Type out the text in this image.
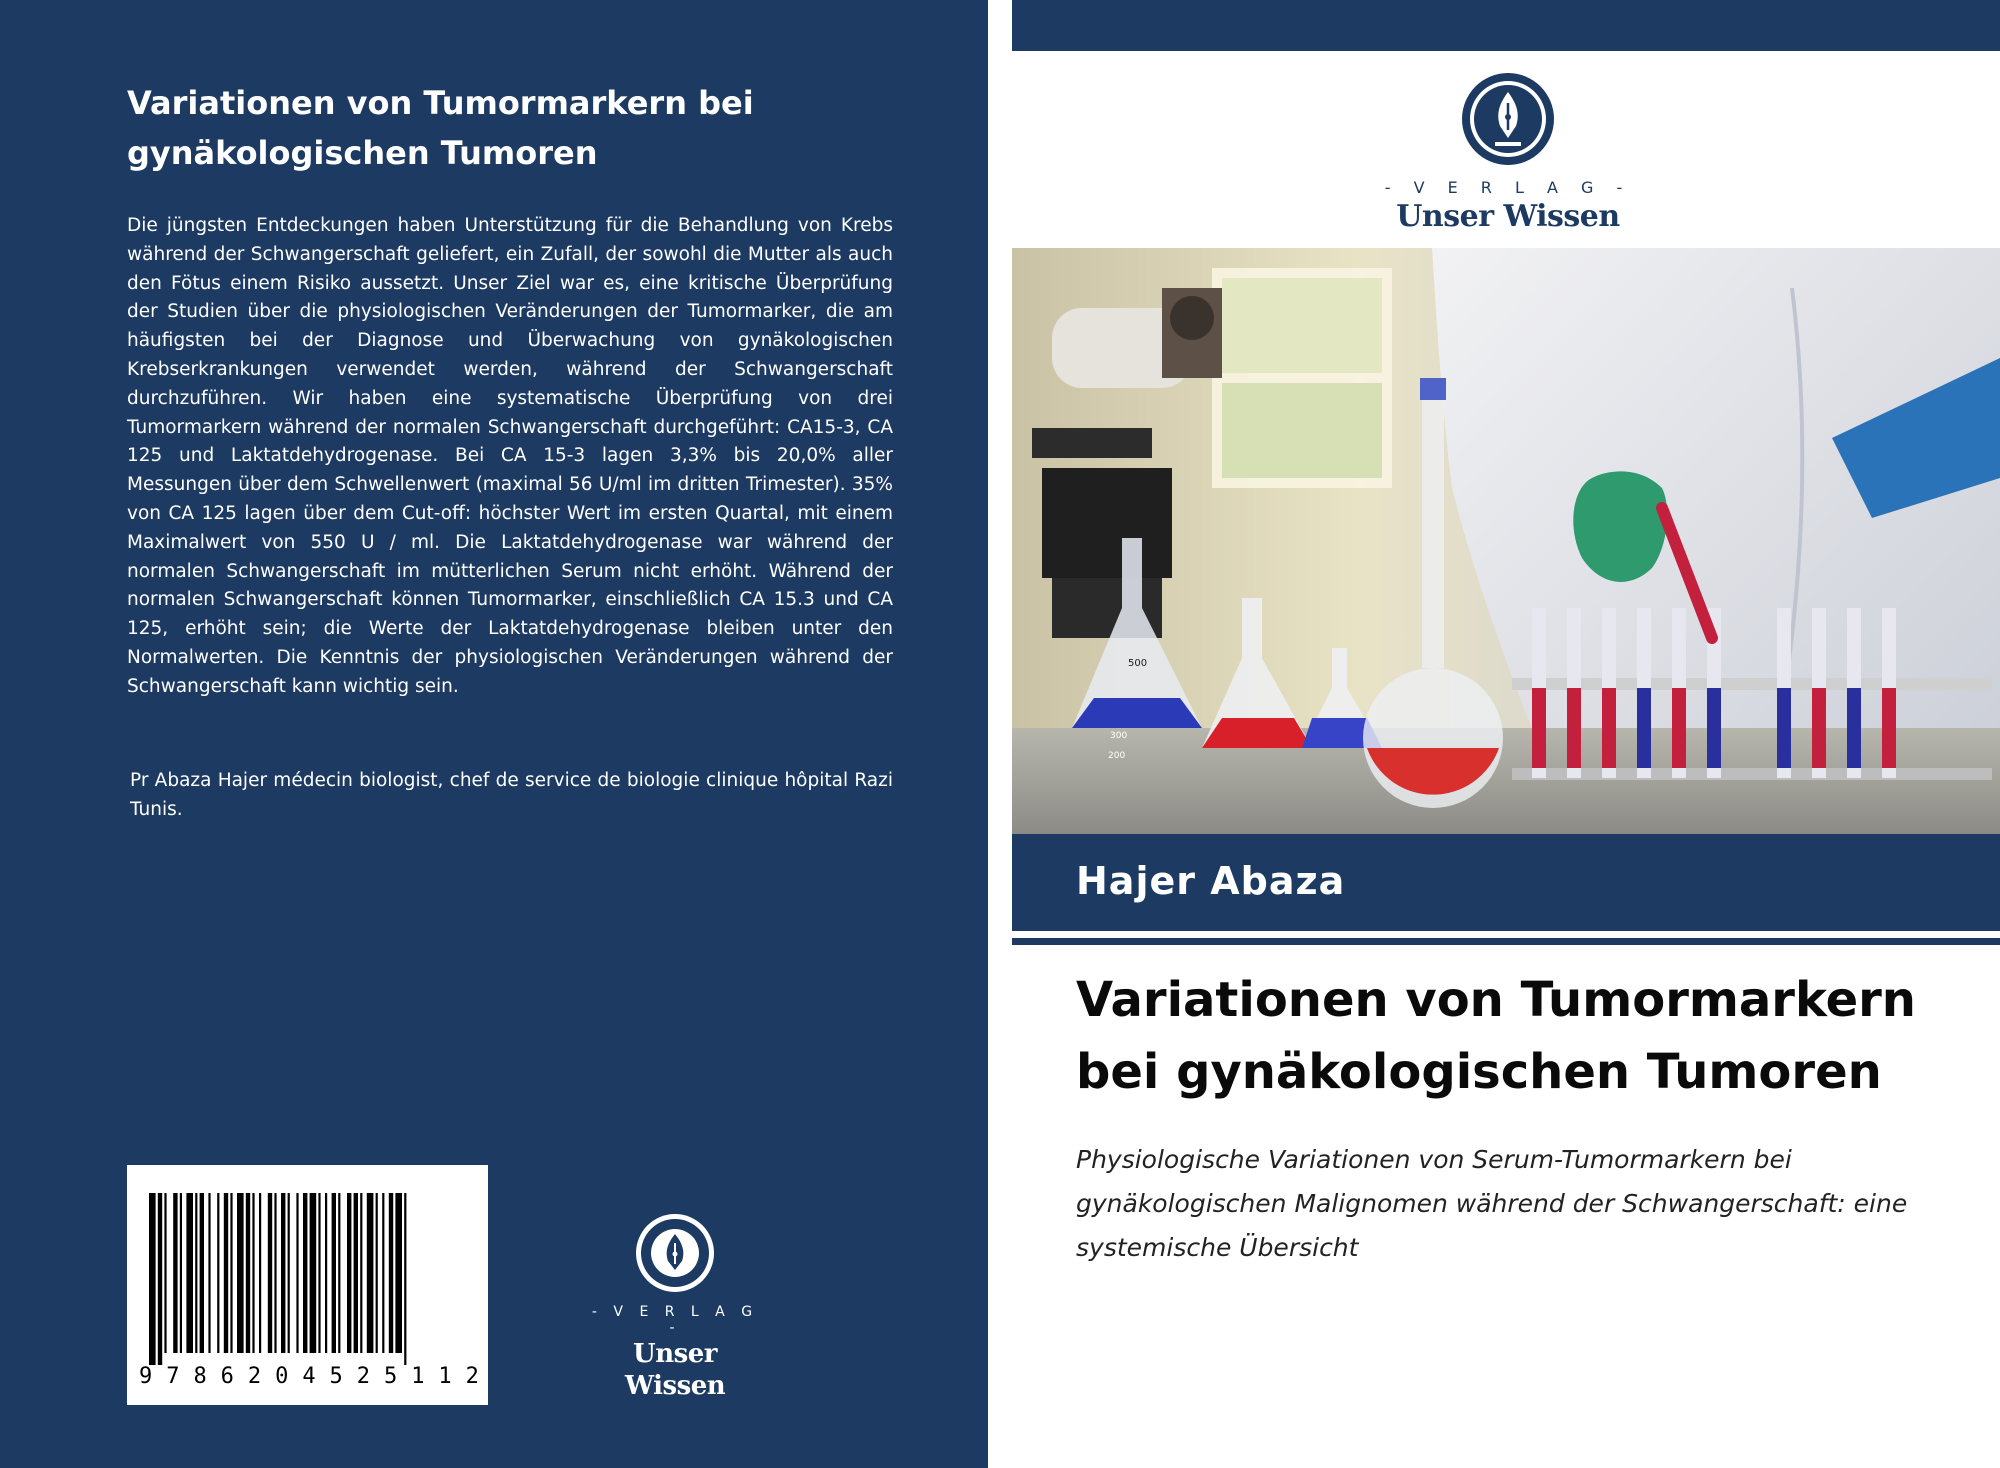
Variationen von Tumormarkern bei gynäkologischen Tumoren

Die jüngsten Entdeckungen haben Unterstützung für die Behandlung von Krebs während der Schwangerschaft geliefert, ein Zufall, der sowohl die Mutter als auch den Fötus einem Risiko aussetzt. Unser Ziel war es, eine kritische Überprüfung der Studien über die physiologischen Veränderungen der Tumormarker, die am häufigsten bei der Diagnose und Überwachung von gynäkologischen Krebserkrankungen verwendet werden, während der Schwangerschaft durchzuführen. Wir haben eine systematische Überprüfung von drei Tumormarkern während der normalen Schwangerschaft durchgeführt: CA15-3, CA 125 und Laktatdehydrogenase. Bei CA 15-3 lagen 3,3% bis 20,0% aller Messungen über dem Schwellenwert (maximal 56 U/ml im dritten Trimester). 35% von CA 125 lagen über dem Cut-off: höchster Wert im ersten Quartal, mit einem Maximalwert von 550 U / ml. Die Laktatdehydrogenase war während der normalen Schwangerschaft im mütterlichen Serum nicht erhöht. Während der normalen Schwangerschaft können Tumormarker, einschließlich CA 15.3 und CA 125, erhöht sein; die Werte der Laktatdehydrogenase bleiben unter den Normalwerten. Die Kenntnis der physiologischen Veränderungen während der Schwangerschaft kann wichtig sein.

Pr Abaza Hajer médecin biologist, chef de service de biologie clinique hôpital Razi Tunis.

9 7 8 6 2 0 4 5 2 5 1 1 2
- V E R L A G -
Unser Wissen
- V E R L A G -
Unser Wissen
500
300
200
Hajer Abaza
Variationen von Tumormarkern bei gynäkologischen Tumoren

Physiologische Variationen von Serum-Tumormarkern bei gynäkologischen Malignomen während der Schwangerschaft: eine systemische Übersicht
